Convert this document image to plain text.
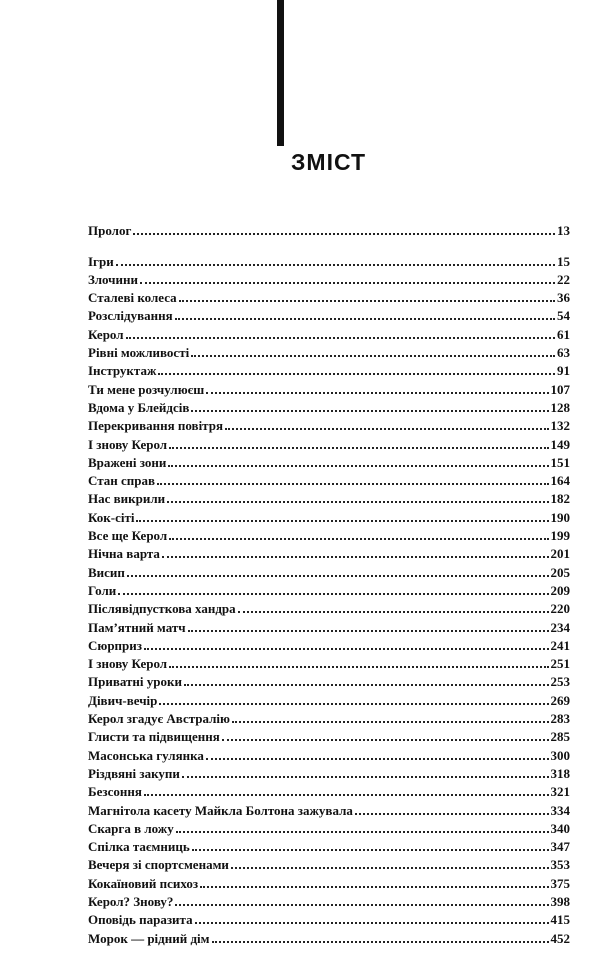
ЗМІСТ
Пролог	13
Ігри	15
Злочини	22
Сталеві колеса	36
Розслідування	54
Керол	61
Рівні можливості	63
Інструктаж	91
Ти мене розчулюєш	107
Вдома у Блейдсів	128
Перекривання повітря	132
І знову Керол	149
Вражені зони	151
Стан справ	164
Нас викрили	182
Кок-сіті	190
Все ще Керол	199
Нічна варта	201
Висип	205
Голи	209
Післявідпусткова хандра	220
Пам’ятний матч	234
Сюрприз	241
І знову Керол	251
Приватні уроки	253
Дівич-вечір	269
Керол згадує Австралію	283
Глисти та підвищення	285
Масонська гулянка	300
Різдвяні закупи	318
Безсоння	321
Магнітола касету Майкла Болтона зажувала	334
Скарга в ложу	340
Спілка таємниць	347
Вечеря зі спортсменами	353
Кокаїновий психоз	375
Керол? Знову?	398
Оповідь паразита	415
Морок — рідний дім	452
